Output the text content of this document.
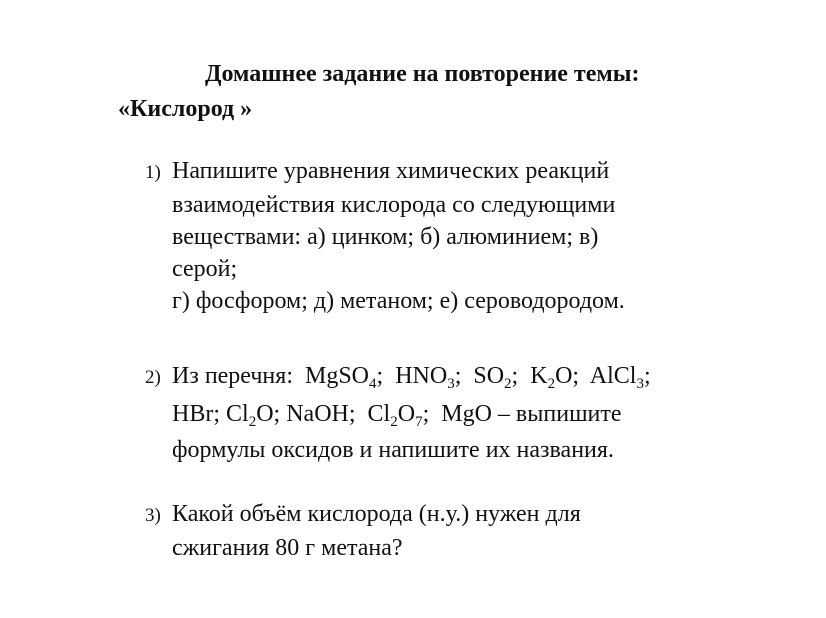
Домашнее задание на повторение темы:
«Кислород »
1) Напишите уравнения химических реакций
взаимодействия кислорода со следующими
веществами: а) цинком; б) алюминием; в)
серой;
г) фосфором; д) метаном; е) сероводородом.
2) Из перечня: MgSO$_4$;  $HNO_3$;  $SO_2$;  $K_2O$;  AlCl$_3$;
HBr; $Cl_2O$; NaOH;  $Cl_2O_7$;  MgO – выпишите
формулы оксидов и напишите их названия.
3) Какой объём кислорода (н.у.) нужен для
сжигания 80 г метана?
